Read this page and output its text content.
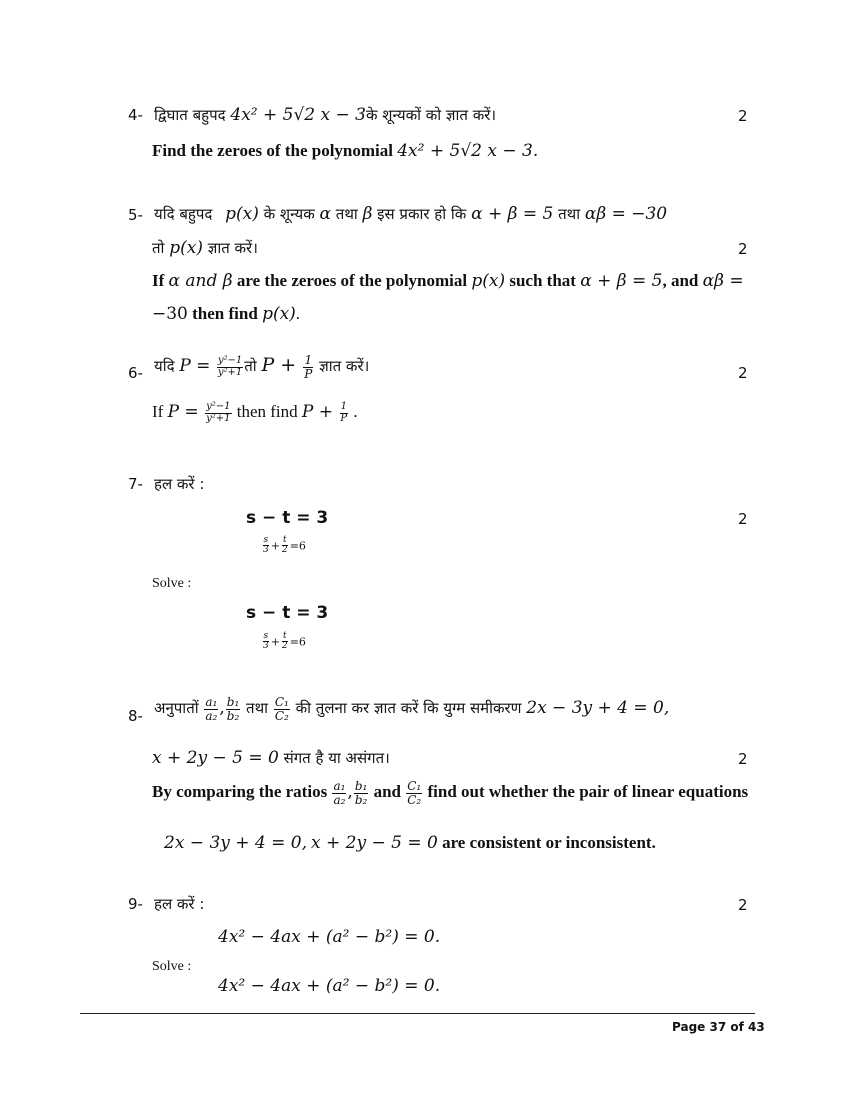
4- द्विघात बहुपद 4x² + 5√2 x − 3के शून्यकों को ज्ञात करें।	2
Find the zeroes of the polynomial 4x² + 5√2 x − 3.
5- यदि बहुपद p(x) के शून्यक α तथा β इस प्रकार हो कि α + β = 5 तथा αβ = −30
तो p(x) ज्ञात करें।	2
If α and β are the zeroes of the polynomial p(x) such that α + β = 5, and αβ =
−30 then find p(x).
6- यदि $P = \frac{\text{y²−1}}{\text{y²+1}}$ तो $P + \frac{1}{P}$ ज्ञात करें।	2
If $P = \frac{\text{y²−1}}{\text{y²+1}}$ then find $P + \frac{1}{P}$ .
7- हल करें :
s − t = 3	2
$\frac{s}{3} + \frac{t}{2} =6$
Solve :
s − t = 3
$\frac{s}{3} + \frac{t}{2} =6$
8- अनुपातों $\frac{\text{a₁}}{\text{a₂}}$ , $\frac{\text{b₁}}{\text{b₂}}$ तथा $\frac{\text{C₁}}{\text{C₂}}$ की तुलना कर ज्ञात करें कि युग्म समीकरण 2x − 3y + 4 = 0,
x + 2y − 5 = 0 संगत है या असंगत।	2
By comparing the ratios $\frac{\text{a₁}}{\text{a₂}}$ , $\frac{\text{b₁}}{\text{b₂}}$ and $\frac{\text{C₁}}{\text{C₂}}$ find out whether the pair of linear equations
2x − 3y + 4 = 0, x + 2y − 5 = 0 are consistent or inconsistent.
9- हल करें :	2
4x² − 4ax + (a² − b²) = 0.
Solve :
4x² − 4ax + (a² − b²) = 0.
Page 37 of 43
